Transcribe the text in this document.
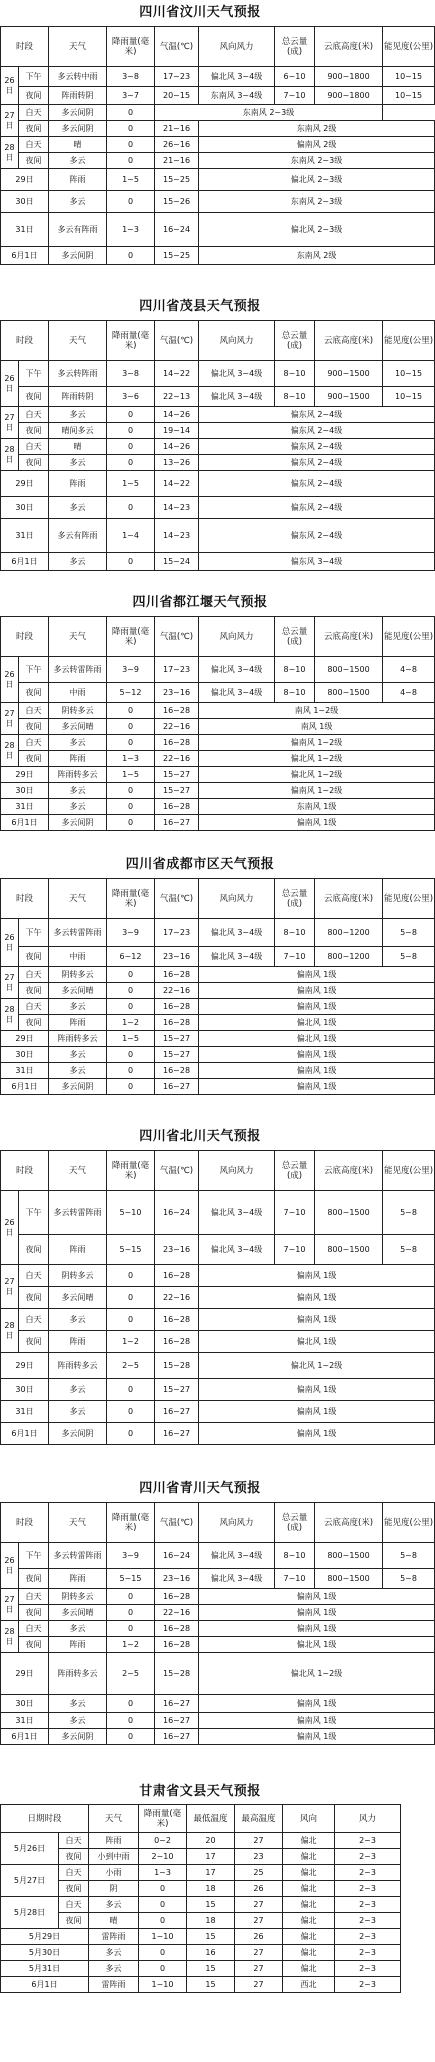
四川省汶川天气预报
时段		天气	降雨量(毫米)	气温(℃)	风向风力	总云量(成)	云底高度(米)	能见度(公里)
26日	下午	多云转中雨	3~8	17~23	偏北风 3~4级	6~10	900~1800	10~15
	夜间	阵雨转阴	3~7	20~15	东南风 3~4级	7~10	900~1800	10~15
27日	白天	多云间阴	0	东南风 2~3级				
	夜间	多云间阴	0	21~16	东南风 2级			
28日	白天	晴	0	26~16	偏南风 2级			
	夜间	多云	0	21~16	东南风 2~3级			
29日		阵雨	1~5	15~25	偏北风 2~3级			
30日		多云	0	15~26	东南风 2~3级			
31日		多云有阵雨	1~3	16~24	偏北风 2~3级			
6月1日		多云间阴	0	15~25	东南风 2级			
四川省茂县天气预报
时段		天气	降雨量(毫米)	气温(℃)	风向风力	总云量(成)	云底高度(米)	能见度(公里)
26日	下午	多云转阵雨	3~8	14~22	偏北风 3~4级	8~10	900~1500	10~15
	夜间	阵雨转阴	3~6	22~13	偏北风 3~4级	8~10	900~1500	10~15
27日	白天	多云	0	14~26	偏东风 2~4级			
	夜间	晴间多云	0	19~14	偏东风 2~4级			
28日	白天	晴	0	14~26	偏东风 2~4级			
	夜间	多云	0	13~26	偏东风 2~4级			
29日		阵雨	1~5	14~22	偏东风 2~4级			
30日		多云	0	14~23	偏东风 2~4级			
31日		多云有阵雨	1~4	14~23	偏东风 2~4级			
6月1日		多云	0	15~24	偏东风 3~4级			
四川省都江堰天气预报
时段		天气	降雨量(毫米)	气温(℃)	风向风力	总云量(成)	云底高度(米)	能见度(公里)
26日	下午	多云转雷阵雨	3~9	17~23	偏北风 3~4级	8~10	800~1500	4~8
	夜间	中雨	5~12	23~16	偏北风 3~4级	8~10	800~1500	4~8
27日	白天	阴转多云	0	16~28	南风 1~2级			
	夜间	多云间晴	0	22~16	南风 1级			
28日	白天	多云	0	16~28	偏南风 1~2级			
	夜间	阵雨	1~3	22~16	偏北风 1~2级			
29日		阵雨转多云	1~5	15~27	偏北风 1~2级			
30日		多云	0	15~27	偏南风 1~2级			
31日		多云	0	16~28	东南风 1级			
6月1日		多云间阴	0	16~27	偏南风 1级			
四川省成都市区天气预报
时段		天气	降雨量(毫米)	气温(℃)	风向风力	总云量(成)	云底高度(米)	能见度(公里)
26日	下午	多云转雷阵雨	3~9	17~23	偏北风 3~4级	8~10	800~1200	5~8
	夜间	中雨	6~12	23~16	偏北风 3~4级	7~10	800~1200	5~8
27日	白天	阴转多云	0	16~28	偏南风 1级			
	夜间	多云间晴	0	22~16	偏南风 1级			
28日	白天	多云	0	16~28	偏南风 1级			
	夜间	阵雨	1~2	16~28	偏北风 1级			
29日		阵雨转多云	1~5	15~27	偏北风 1级			
30日		多云	0	15~27	偏南风 1级			
31日		多云	0	16~28	偏南风 1级			
6月1日		多云间阴	0	16~27	偏南风 1级			
四川省北川天气预报
时段		天气	降雨量(毫米)	气温(℃)	风向风力	总云量(成)	云底高度(米)	能见度(公里)
26日	下午	多云转雷阵雨	5~10	16~24	偏北风 3~4级	7~10	800~1500	5~8
	夜间	阵雨	5~15	23~16	偏北风 3~4级	7~10	800~1500	5~8
27日	白天	阴转多云	0	16~28	偏南风 1级			
	夜间	多云间晴	0	22~16	偏南风 1级			
28日	白天	多云	0	16~28	偏南风 1级			
	夜间	阵雨	1~2	16~28	偏北风 1级			
29日		阵雨转多云	2~5	15~28	偏北风 1~2级			
30日		多云	0	15~27	偏南风 1级			
31日		多云	0	16~27	偏南风 1级			
6月1日		多云间阴	0	16~27	偏南风 1级			
四川省青川天气预报
时段		天气	降雨量(毫米)	气温(℃)	风向风力	总云量(成)	云底高度(米)	能见度(公里)
26日	下午	多云转雷阵雨	3~9	16~24	偏北风 3~4级	8~10	800~1500	5~8
	夜间	阵雨	5~15	23~16	偏北风 3~4级	7~10	800~1500	5~8
27日	白天	阴转多云	0	16~28	偏南风 1级			
	夜间	多云间晴	0	22~16	偏南风 1级			
28日	白天	多云	0	16~28	偏南风 1级			
	夜间	阵雨	1~2	16~28	偏北风 1级			
29日		阵雨转多云	2~5	15~28	偏北风 1~2级			
30日		多云	0	16~27	偏南风 1级			
31日		多云	0	16~27	偏南风 1级			
6月1日		多云间阴	0	16~27	偏南风 1级			
甘肃省文县天气预报
日期时段		天气	降雨量(毫米)	最低温度	最高温度	风向	风力
5月26日	白天	阵雨	0~2	20	27	偏北	2~3
	夜间	小到中雨	2~10	17	23	偏北	2~3
5月27日	白天	小雨	1~3	17	25	偏北	2~3
	夜间	阴	0	18	26	偏北	2~3
5月28日	白天	多云	0	15	27	偏北	2~3
	夜间	晴	0	18	27	偏北	2~3
5月29日		雷阵雨	1~10	15	26	偏北	2~3
5月30日		多云	0	16	27	偏北	2~3
5月31日		多云	0	15	27	偏北	2~3
6月1日		雷阵雨	1~10	15	27	西北	2~3
